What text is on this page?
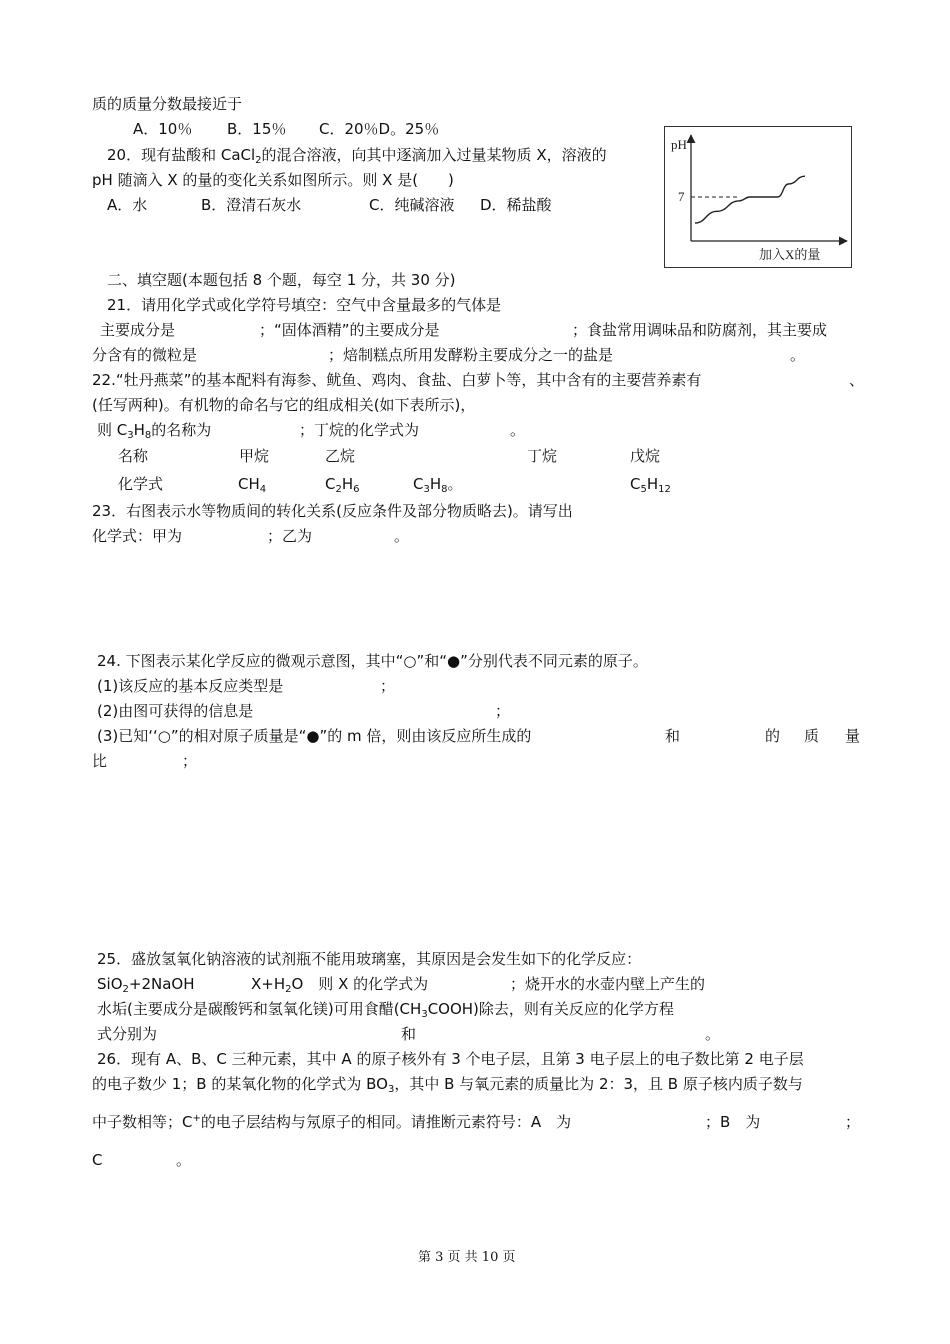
质的质量分数最接近于
A．10％ B．15％ C．20％D。25％
20．现有盐酸和 CaCl$_2$的混合溶液，向其中逐滴加入过量某物质 X，溶液的
pH 随滴入 X 的量的变化关系如图所示。则 X 是(　　)
A．水	B．澄清石灰水	C．纯碱溶液 D．稀盐酸
pH
7
加入X的量
二、填空题(本题包括 8 个题，每空 1 分，共 30 分)
21．请用化学式或化学符号填空：空气中含量最多的气体是
主要成分是	；“固体酒精”的主要成分是	；食盐常用调味品和防腐剂，其主要成
分含有的微粒是	；焙制糕点所用发酵粉主要成分之一的盐是	。
22.“牡丹燕菜”的基本配料有海参、鱿鱼、鸡肉、食盐、白萝卜等，其中含有的主要营养素有	、
(任写两种)。有机物的命名与它的组成相关(如下表所示)，
则 $C_3H_8$的名称为	；丁烷的化学式为	。
名称	甲烷	乙烷	丁烷	戊烷
化学式	$CH_4$	$C_2H_6$	$C_3H_8$。	$C_5H_{12}$
23．右图表示水等物质间的转化关系(反应条件及部分物质略去)。请写出
化学式：甲为	；乙为	。
24. 下图表示某化学反应的微观示意图，其中“○”和“●”分别代表不同元素的原子。
(1)该反应的基本反应类型是	；
(2)由图可获得的信息是	；
(3)已知‘‘○”的相对原子质量是“●”的 m 倍，则由该反应所生成的	和	的 质 量
比	；
25．盛放氢氧化钠溶液的试剂瓶不能用玻璃塞，其原因是会发生如下的化学反应：
SiO$_2$+2NaOH	$X+H_2O$　则 X 的化学式为	；烧开水的水壶内壁上产生的
水垢(主要成分是碳酸钙和氢氧化镁)可用食醋$(CH_3COOH)$除去，则有关反应的化学方程
式分别为	和	。
26．现有 A、B、C 三种元素，其中 A 的原子核外有 3 个电子层，且第 3 电子层上的电子数比第 2 电子层
的电子数少 1；B 的某氧化物的化学式为 $BO_3$，其中 B 与氧元素的质量比为 2：3，且 B 原子核内质子数与
中子数相等；C+的电子层结构与氖原子的相同。请推断元素符号：A　为	；B　为	；
C	。
第 3 页 共 10 页
